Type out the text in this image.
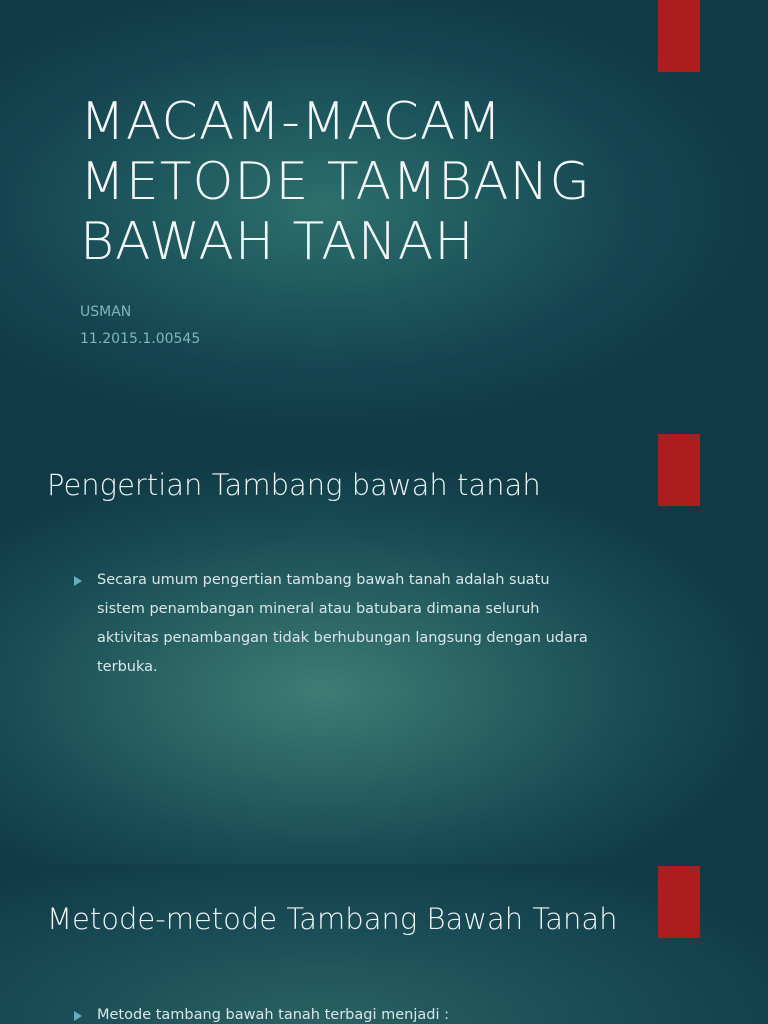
MACAM-MACAM METODE TAMBANG BAWAH TANAH

USMAN

11.2015.1.00545

Pengertian Tambang bawah tanah
Secara umum pengertian tambang bawah tanah adalah suatu sistem penambangan mineral atau batubara dimana seluruh aktivitas penambangan tidak berhubungan langsung dengan udara terbuka.
Metode-metode Tambang Bawah Tanah
Metode tambang bawah tanah terbagi menjadi :
